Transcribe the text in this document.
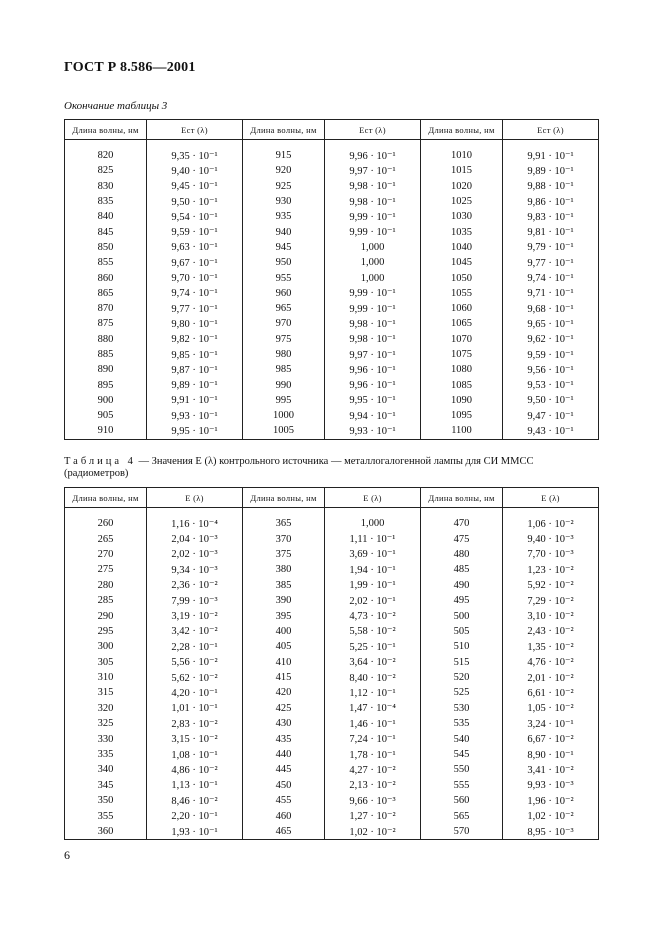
ГОСТ Р 8.586—2001
Окончание таблицы 3
Длина волны, нм	Eст (λ)	Длина волны, нм	Eст (λ)	Длина волны, нм	Eст (λ)

820	9,35 · 10⁻¹	915	9,96 · 10⁻¹	1010	9,91 · 10⁻¹
825	9,40 · 10⁻¹	920	9,97 · 10⁻¹	1015	9,89 · 10⁻¹
830	9,45 · 10⁻¹	925	9,98 · 10⁻¹	1020	9,88 · 10⁻¹
835	9,50 · 10⁻¹	930	9,98 · 10⁻¹	1025	9,86 · 10⁻¹
840	9,54 · 10⁻¹	935	9,99 · 10⁻¹	1030	9,83 · 10⁻¹
845	9,59 · 10⁻¹	940	9,99 · 10⁻¹	1035	9,81 · 10⁻¹
850	9,63 · 10⁻¹	945	1,000	1040	9,79 · 10⁻¹
855	9,67 · 10⁻¹	950	1,000	1045	9,77 · 10⁻¹
860	9,70 · 10⁻¹	955	1,000	1050	9,74 · 10⁻¹
865	9,74 · 10⁻¹	960	9,99 · 10⁻¹	1055	9,71 · 10⁻¹
870	9,77 · 10⁻¹	965	9,99 · 10⁻¹	1060	9,68 · 10⁻¹
875	9,80 · 10⁻¹	970	9,98 · 10⁻¹	1065	9,65 · 10⁻¹
880	9,82 · 10⁻¹	975	9,98 · 10⁻¹	1070	9,62 · 10⁻¹
885	9,85 · 10⁻¹	980	9,97 · 10⁻¹	1075	9,59 · 10⁻¹
890	9,87 · 10⁻¹	985	9,96 · 10⁻¹	1080	9,56 · 10⁻¹
895	9,89 · 10⁻¹	990	9,96 · 10⁻¹	1085	9,53 · 10⁻¹
900	9,91 · 10⁻¹	995	9,95 · 10⁻¹	1090	9,50 · 10⁻¹
905	9,93 · 10⁻¹	1000	9,94 · 10⁻¹	1095	9,47 · 10⁻¹
910	9,95 · 10⁻¹	1005	9,93 · 10⁻¹	1100	9,43 · 10⁻¹
Таблица 4 — Значения E (λ) контрольного источника — металлогалогенной лампы для СИ ММСС (радиометров)
Длина волны, нм	E (λ)	Длина волны, нм	E (λ)	Длина волны, нм	E (λ)

260	1,16 · 10⁻⁴	365	1,000	470	1,06 · 10⁻²
265	2,04 · 10⁻³	370	1,11 · 10⁻¹	475	9,40 · 10⁻³
270	2,02 · 10⁻³	375	3,69 · 10⁻¹	480	7,70 · 10⁻³
275	9,34 · 10⁻³	380	1,94 · 10⁻¹	485	1,23 · 10⁻²
280	2,36 · 10⁻²	385	1,99 · 10⁻¹	490	5,92 · 10⁻²
285	7,99 · 10⁻³	390	2,02 · 10⁻¹	495	7,29 · 10⁻²
290	3,19 · 10⁻²	395	4,73 · 10⁻²	500	3,10 · 10⁻²
295	3,42 · 10⁻²	400	5,58 · 10⁻²	505	2,43 · 10⁻²
300	2,28 · 10⁻¹	405	5,25 · 10⁻¹	510	1,35 · 10⁻²
305	5,56 · 10⁻²	410	3,64 · 10⁻²	515	4,76 · 10⁻²
310	5,62 · 10⁻²	415	8,40 · 10⁻²	520	2,01 · 10⁻²
315	4,20 · 10⁻¹	420	1,12 · 10⁻¹	525	6,61 · 10⁻²
320	1,01 · 10⁻¹	425	1,47 · 10⁻⁴	530	1,05 · 10⁻²
325	2,83 · 10⁻²	430	1,46 · 10⁻¹	535	3,24 · 10⁻¹
330	3,15 · 10⁻²	435	7,24 · 10⁻¹	540	6,67 · 10⁻²
335	1,08 · 10⁻¹	440	1,78 · 10⁻¹	545	8,90 · 10⁻¹
340	4,86 · 10⁻²	445	4,27 · 10⁻²	550	3,41 · 10⁻²
345	1,13 · 10⁻¹	450	2,13 · 10⁻²	555	9,93 · 10⁻³
350	8,46 · 10⁻²	455	9,66 · 10⁻³	560	1,96 · 10⁻²
355	2,20 · 10⁻¹	460	1,27 · 10⁻²	565	1,02 · 10⁻²
360	1,93 · 10⁻¹	465	1,02 · 10⁻²	570	8,95 · 10⁻³
6
